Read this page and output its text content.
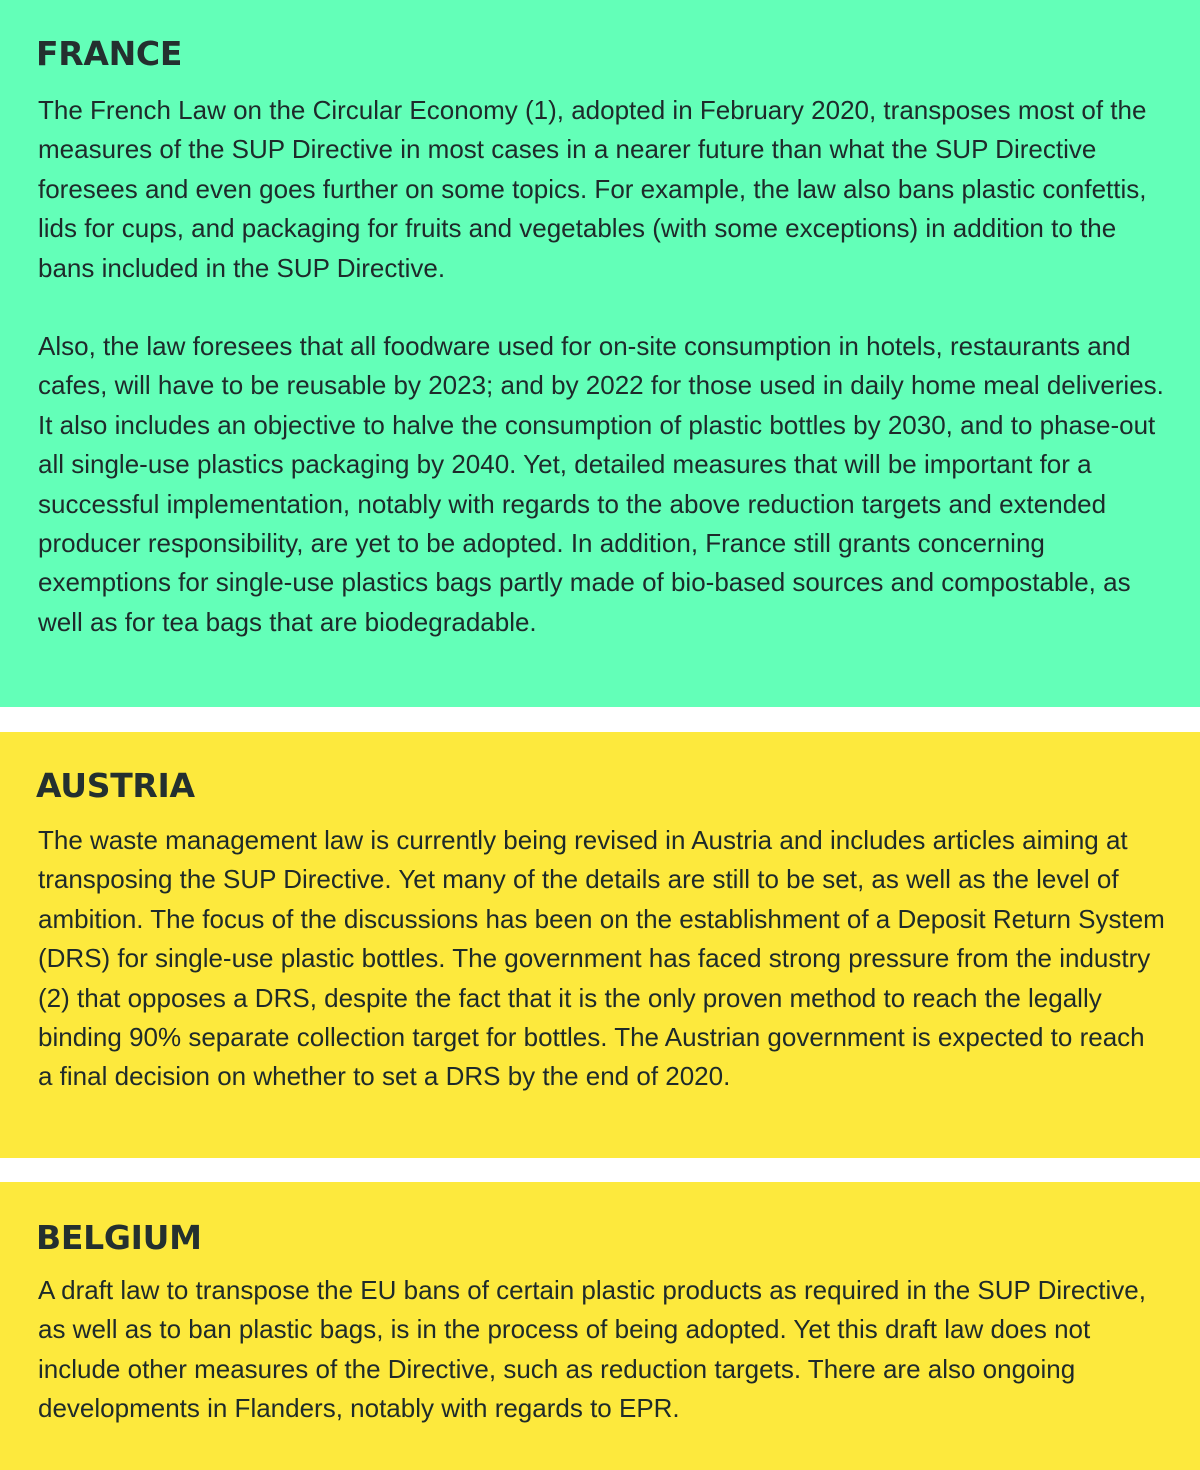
FRANCE

The French Law on the Circular Economy (1), adopted in February 2020, transposes most of the measures of the SUP Directive in most cases in a nearer future than what the SUP Directive foresees and even goes further on some topics. For example, the law also bans plastic confettis, lids for cups, and packaging for fruits and vegetables (with some exceptions) in addition to the bans included in the SUP Directive.

Also, the law foresees that all foodware used for on-site consumption in hotels, restaurants and cafes, will have to be reusable by 2023; and by 2022 for those used in daily home meal deliveries. It also includes an objective to halve the consumption of plastic bottles by 2030, and to phase-out all single-use plastics packaging by 2040. Yet, detailed measures that will be important for a successful implementation, notably with regards to the above reduction targets and extended producer responsibility, are yet to be adopted. In addition, France still grants concerning exemptions for single-use plastics bags partly made of bio-based sources and compostable, as well as for tea bags that are biodegradable.

AUSTRIA

The waste management law is currently being revised in Austria and includes articles aiming at transposing the SUP Directive. Yet many of the details are still to be set, as well as the level of ambition. The focus of the discussions has been on the establishment of a Deposit Return System (DRS) for single-use plastic bottles. The government has faced strong pressure from the industry (2) that opposes a DRS, despite the fact that it is the only proven method to reach the legally binding 90% separate collection target for bottles. The Austrian government is expected to reach a final decision on whether to set a DRS by the end of 2020.

BELGIUM

A draft law to transpose the EU bans of certain plastic products as required in the SUP Directive, as well as to ban plastic bags, is in the process of being adopted. Yet this draft law does not include other measures of the Directive, such as reduction targets. There are also ongoing developments in Flanders, notably with regards to EPR.
